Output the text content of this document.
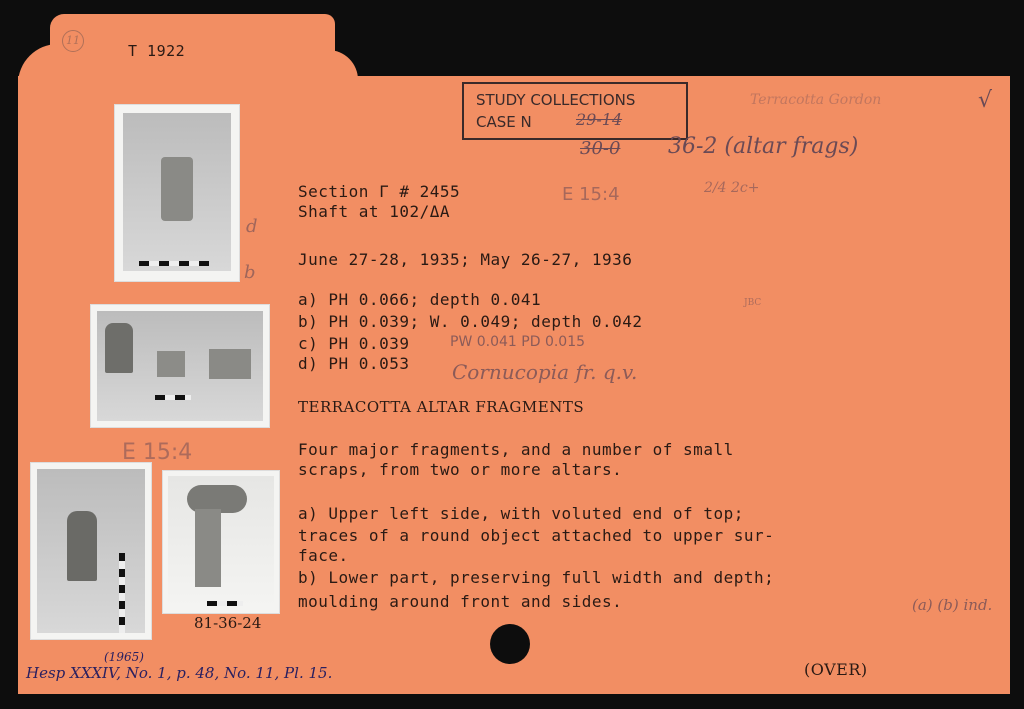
11
T 1922
STUDY COLLECTIONS
CASE N	29-14
30-0 36-2 (altar frags)
√
Terracotta Gordon
d
b
E 15:4
81-36-24
Section Γ # 2455
Shaft at 102/ΔA
E 15:4	2/4 2c+
June 27-28, 1935; May 26-27, 1936
a) PH 0.066; depth 0.041
b) PH 0.039; W. 0.049; depth 0.042
c) PH 0.039	PW 0.041 PD 0.015
d) PH 0.053 Cornucopia fr. q.v.
JBC
TERRACOTTA ALTAR FRAGMENTS
Four major fragments, and a number of small
scraps, from two or more altars.
a) Upper left side, with voluted end of top;
traces of a round object attached to upper sur-
face.
b) Lower part, preserving full width and depth;
moulding around front and sides.	(a) (b) ind.
(OVER)
(1965)
Hesp XXXIV, No. 1, p. 48, No. 11, Pl. 15.
